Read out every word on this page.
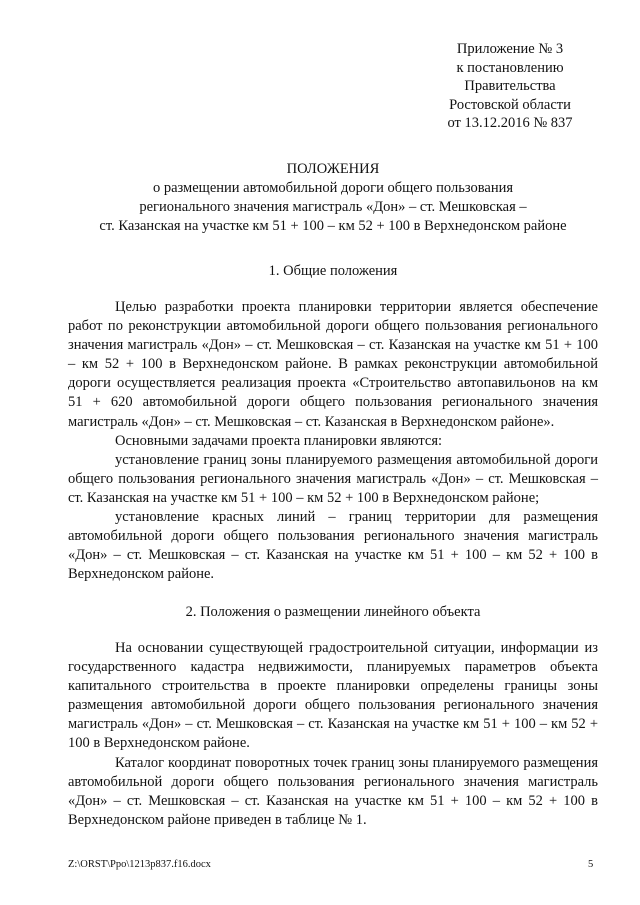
Приложение № 3
к постановлению
Правительства
Ростовской области
от 13.12.2016 № 837
ПОЛОЖЕНИЯ
о размещении автомобильной дороги общего пользования
регионального значения магистраль «Дон» – ст. Мешковская –
ст. Казанская на участке км 51 + 100 – км 52 + 100 в Верхнедонском районе
1. Общие положения

Целью разработки проекта планировки территории является обеспечение работ по реконструкции автомобильной дороги общего пользования регионального значения магистраль «Дон» – ст. Мешковская – ст. Казанская на участке км 51 + 100 – км 52 + 100 в Верхнедонском районе. В рамках реконструкции автомобильной дороги осуществляется реализация проекта «Строительство автопавильонов на км 51 + 620 автомобильной дороги общего пользования регионального значения магистраль «Дон» – ст. Мешковская – ст. Казанская в Верхнедонском районе».

Основными задачами проекта планировки являются:

установление границ зоны планируемого размещения автомобильной дороги общего пользования регионального значения магистраль «Дон» – ст. Мешковская – ст. Казанская на участке км 51 + 100 – км 52 + 100 в Верхнедонском районе;

установление красных линий – границ территории для размещения автомобильной дороги общего пользования регионального значения магистраль «Дон» – ст. Мешковская – ст. Казанская на участке км 51 + 100 – км 52 + 100 в Верхнедонском районе.

2. Положения о размещении линейного объекта

На основании существующей градостроительной ситуации, информации из государственного кадастра недвижимости, планируемых параметров объекта капитального строительства в проекте планировки определены границы зоны размещения автомобильной дороги общего пользования регионального значения магистраль «Дон» – ст. Мешковская – ст. Казанская на участке км 51 + 100 – км 52 + 100 в Верхнедонском районе.

Каталог координат поворотных точек границ зоны планируемого размещения автомобильной дороги общего пользования регионального значения магистраль «Дон» – ст. Мешковская – ст. Казанская на участке км 51 + 100 – км 52 + 100 в Верхнедонском районе приведен в таблице № 1.

Z:\ORST\Ppo\1213p837.f16.docx	5
